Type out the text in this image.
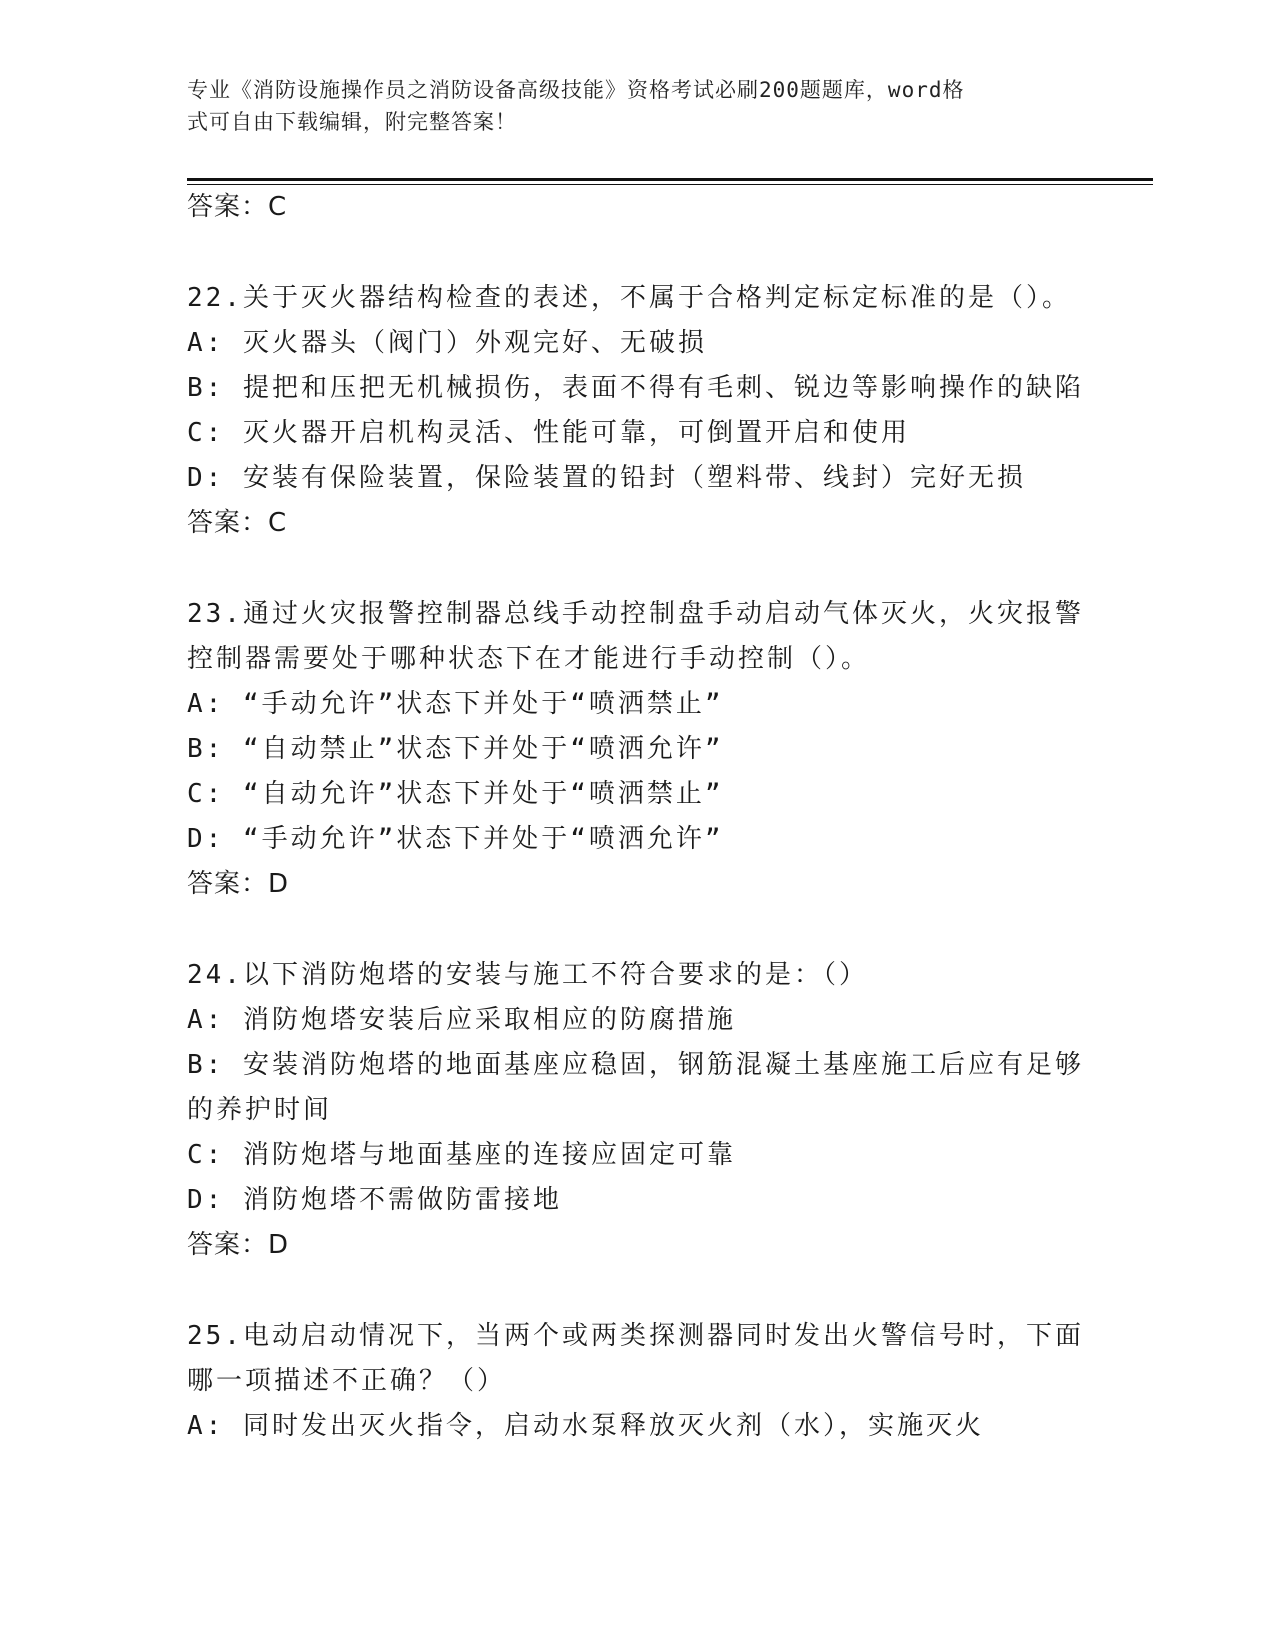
专业《消防设施操作员之消防设备高级技能》资格考试必刷200题题库，word格
式可自由下载编辑，附完整答案！
答案：C
22.关于灭火器结构检查的表述，不属于合格判定标定标准的是（）。
A: 灭火器头（阀门）外观完好、无破损
B: 提把和压把无机械损伤，表面不得有毛刺、锐边等影响操作的缺陷
C: 灭火器开启机构灵活、性能可靠，可倒置开启和使用
D: 安装有保险装置，保险装置的铅封（塑料带、线封）完好无损
答案：C
23.通过火灾报警控制器总线手动控制盘手动启动气体灭火，火灾报警
控制器需要处于哪种状态下在才能进行手动控制（）。
A: “手动允许”状态下并处于“喷洒禁止”
B: “自动禁止”状态下并处于“喷洒允许”
C: “自动允许”状态下并处于“喷洒禁止”
D: “手动允许”状态下并处于“喷洒允许”
答案：D
24.以下消防炮塔的安装与施工不符合要求的是：（）
A: 消防炮塔安装后应采取相应的防腐措施
B: 安装消防炮塔的地面基座应稳固，钢筋混凝土基座施工后应有足够
的养护时间
C: 消防炮塔与地面基座的连接应固定可靠
D: 消防炮塔不需做防雷接地
答案：D
25.电动启动情况下，当两个或两类探测器同时发出火警信号时，下面
哪一项描述不正确？（）
A: 同时发出灭火指令，启动水泵释放灭火剂（水），实施灭火
